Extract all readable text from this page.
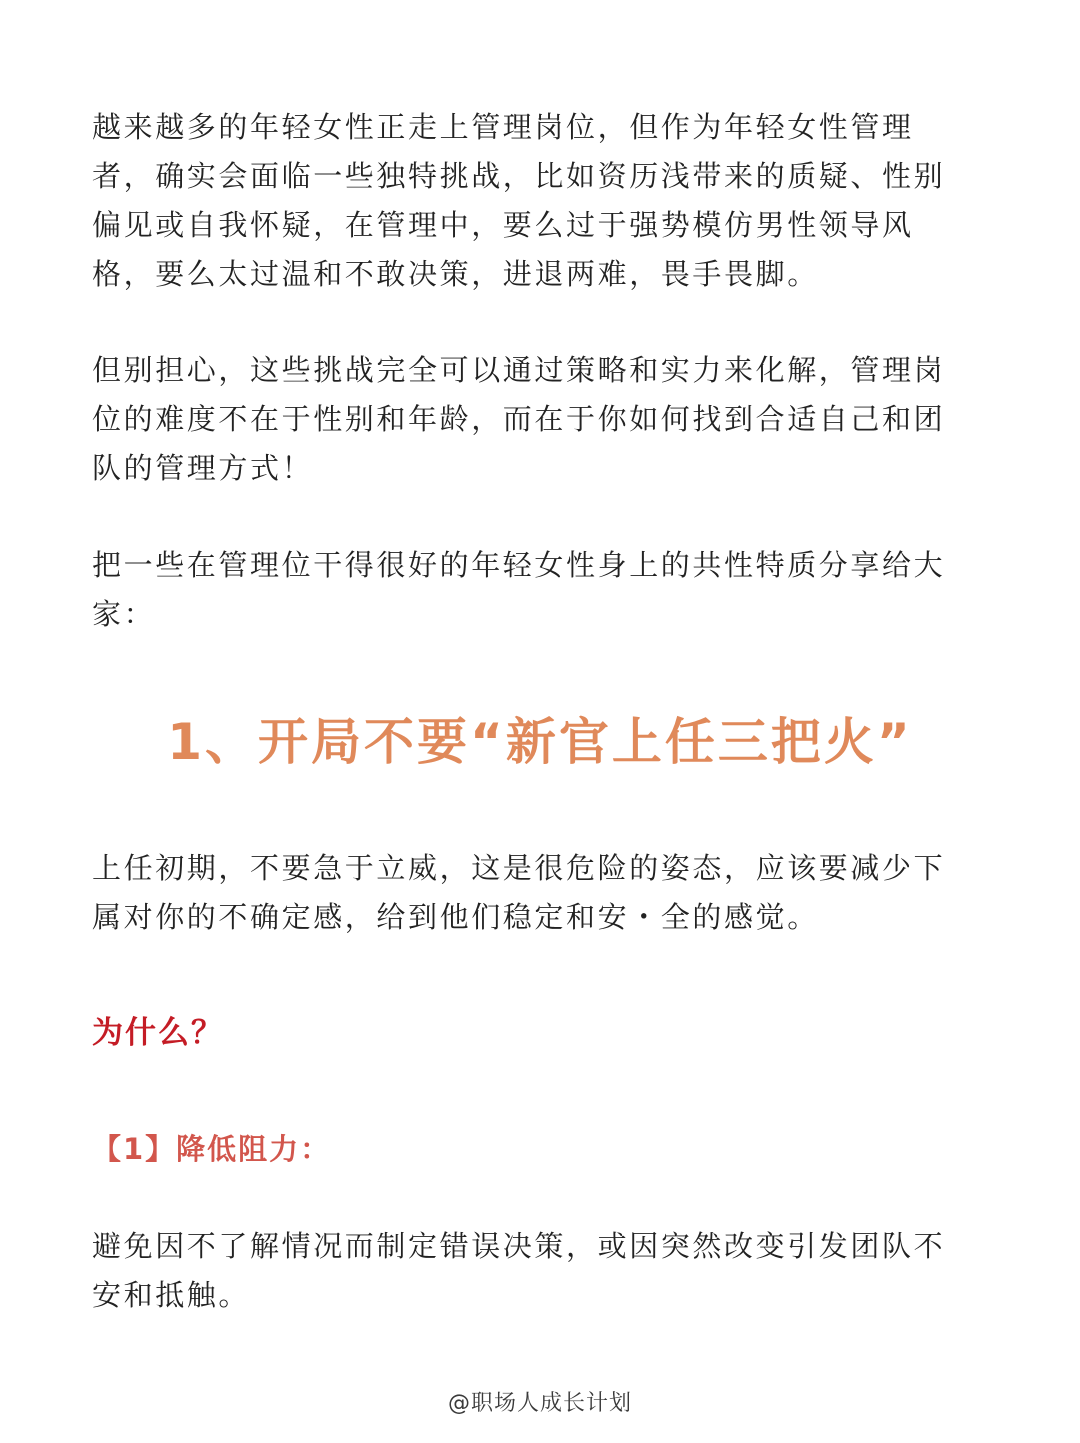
越来越多的年轻女性正走上管理岗位，但作为年轻女性管理者，确实会面临一些独特挑战，比如资历浅带来的质疑、性别偏见或自我怀疑，在管理中，要么过于强势模仿男性领导风格，要么太过温和不敢决策，进退两难，畏手畏脚。

但别担心，这些挑战完全可以通过策略和实力来化解，管理岗位的难度不在于性别和年龄，而在于你如何找到合适自己和团队的管理方式！

把一些在管理位干得很好的年轻女性身上的共性特质分享给大家：

1、开局不要“新官上任三把火”

上任初期，不要急于立威，这是很危险的姿态，应该要减少下属对你的不确定感，给到他们稳定和安・全的感觉。

为什么？
【1】降低阻力：

避免因不了解情况而制定错误决策，或因突然改变引发团队不安和抵触。

@职场人成长计划
